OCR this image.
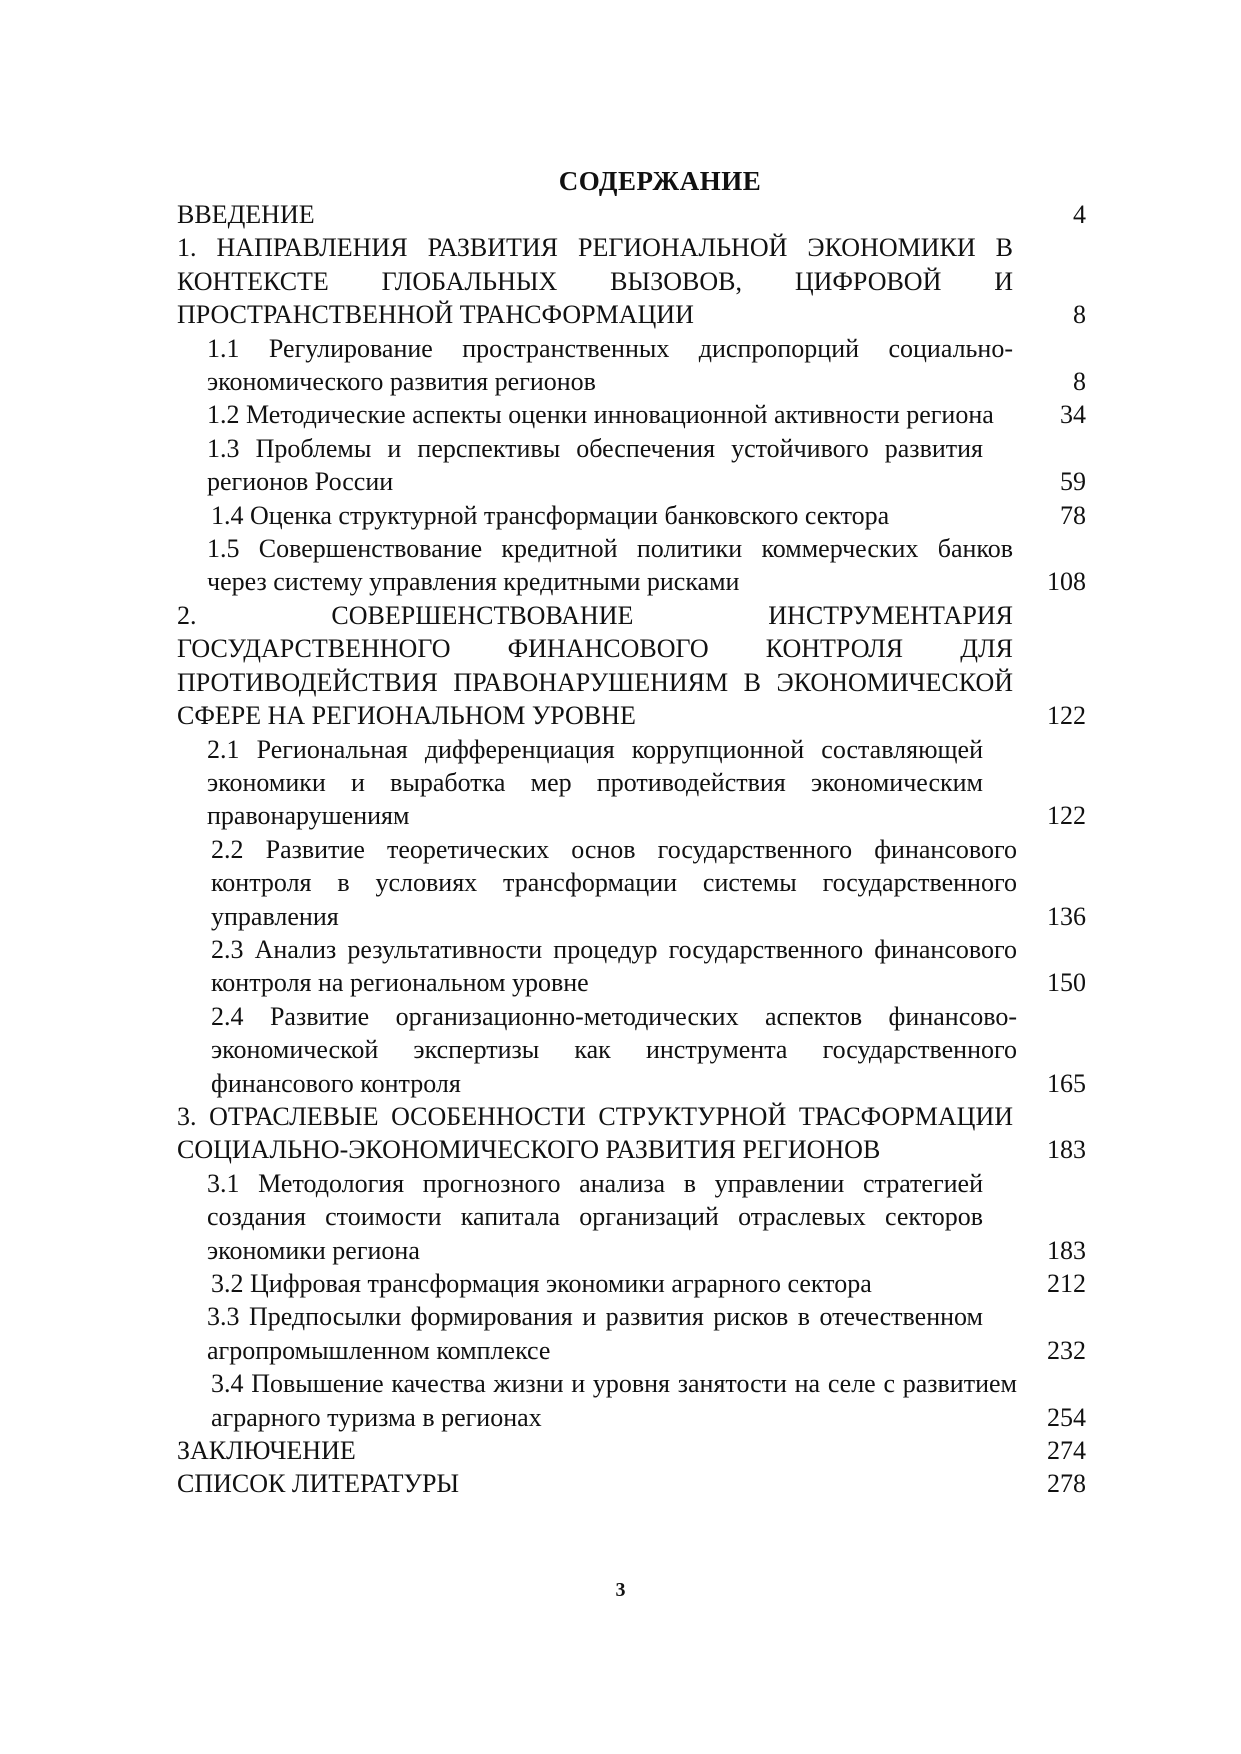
СОДЕРЖАНИЕ
ВВЕДЕНИЕ	4
1. НАПРАВЛЕНИЯ РАЗВИТИЯ РЕГИОНАЛЬНОЙ ЭКОНОМИКИ В КОНТЕКСТЕ ГЛОБАЛЬНЫХ ВЫЗОВОВ, ЦИФРОВОЙ И ПРОСТРАНСТВЕННОЙ ТРАНСФОРМАЦИИ	8
1.1 Регулирование пространственных диспропорций социально-экономического развития регионов	8
1.2 Методические аспекты оценки инновационной активности региона	34
1.3 Проблемы и перспективы обеспечения устойчивого развития регионов России	59
1.4 Оценка структурной трансформации банковского сектора	78
1.5 Совершенствование кредитной политики коммерческих банков через систему управления кредитными рисками	108
2. СОВЕРШЕНСТВОВАНИЕ ИНСТРУМЕНТАРИЯ ГОСУДАРСТВЕННОГО ФИНАНСОВОГО КОНТРОЛЯ ДЛЯ ПРОТИВОДЕЙСТВИЯ ПРАВОНАРУШЕНИЯМ В ЭКОНОМИЧЕСКОЙ СФЕРЕ НА РЕГИОНАЛЬНОМ УРОВНЕ	122
2.1 Региональная дифференциация коррупционной составляющей экономики и выработка мер противодействия экономическим правонарушениям	122
2.2 Развитие теоретических основ государственного финансового контроля в условиях трансформации системы государственного управления	136
2.3 Анализ результативности процедур государственного финансового контроля на региональном уровне	150
2.4 Развитие организационно-методических аспектов финансово-экономической экспертизы как инструмента государственного финансового контроля	165
3. ОТРАСЛЕВЫЕ ОСОБЕННОСТИ СТРУКТУРНОЙ ТРАСФОРМАЦИИ СОЦИАЛЬНО-ЭКОНОМИЧЕСКОГО РАЗВИТИЯ РЕГИОНОВ	183
3.1 Методология прогнозного анализа в управлении стратегией создания стоимости капитала организаций отраслевых секторов экономики региона	183
3.2 Цифровая трансформация экономики аграрного сектора	212
3.3 Предпосылки формирования и развития рисков в отечественном агропромышленном комплексе	232
3.4 Повышение качества жизни и уровня занятости на селе с развитием аграрного туризма в регионах	254
ЗАКЛЮЧЕНИЕ	274
СПИСОК ЛИТЕРАТУРЫ	278
3
